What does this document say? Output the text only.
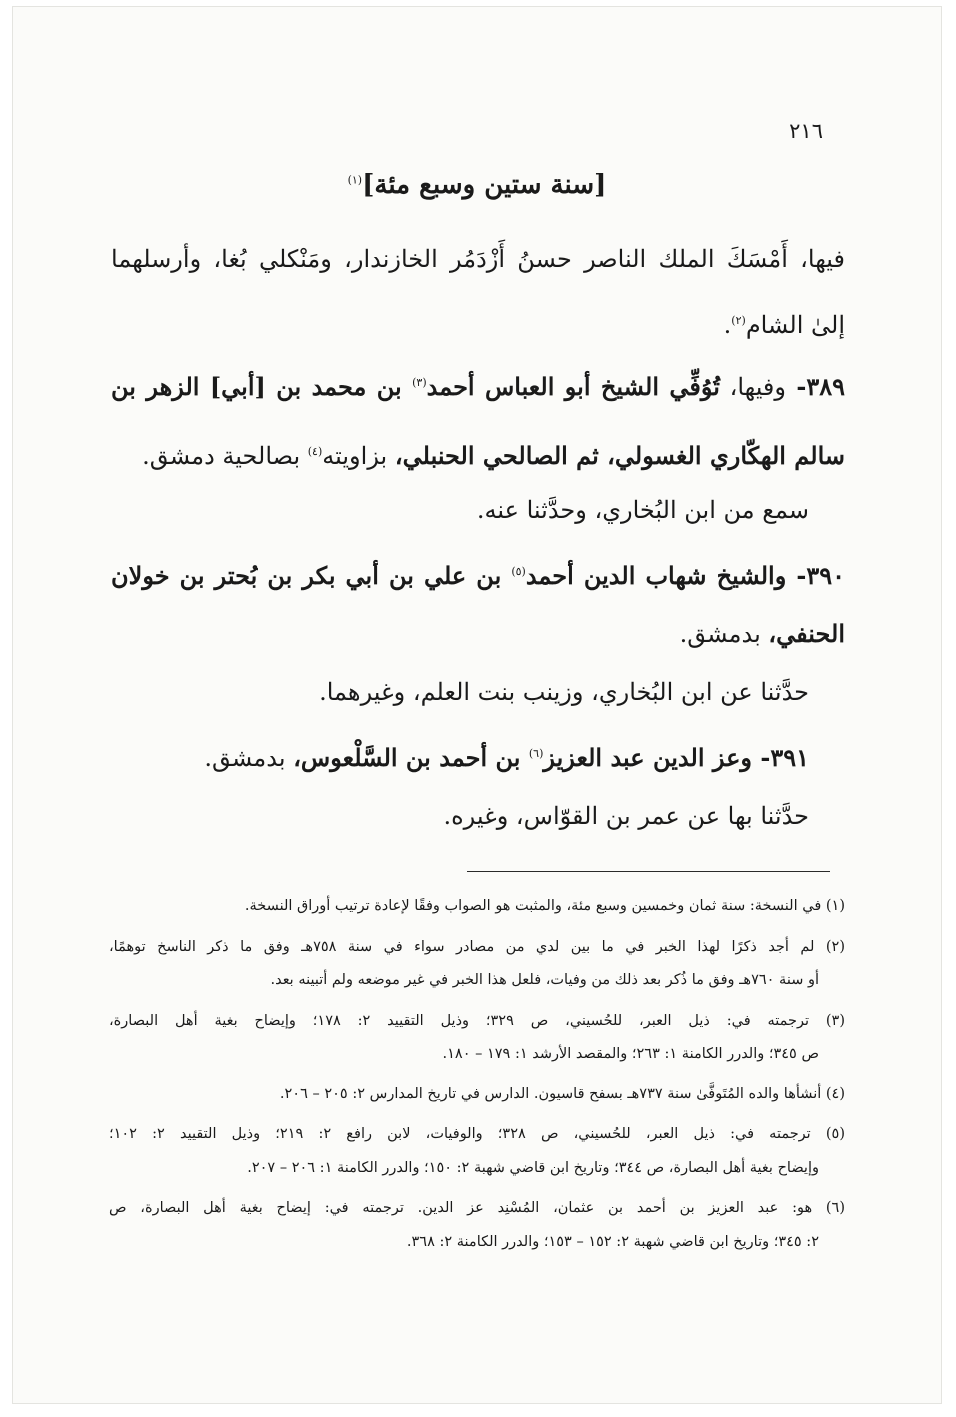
٢١٦

[سنة ستين وسبع مئة]$^{(١)}$

فيها، أَمْسَكَ الملك الناصر حسنُ أَزْدَمُر الخازندار، ومَنْكلي بُغا، وأرسلهما

إلىٰ الشام$^{(٢)}$.

٣٨٩- وفيها، تُوُفِّي الشيخ أبو العباس أحمد$^{(٣)}$ بن محمد بن [أبي] الزهر بن

سالم الهكّاري الغسولي، ثم الصالحي الحنبلي، بزاويته$^{(٤)}$ بصالحية دمشق.

سمع من ابن البُخاري، وحدَّثنا عنه.

٣٩٠- والشيخ شهاب الدين أحمد$^{(٥)}$ بن علي بن أبي بكر بن بُحتر بن خولان

الحنفي، بدمشق.

حدَّثنا عن ابن البُخاري، وزينب بنت العلم، وغيرهما.

٣٩١- وعز الدين عبد العزيز$^{(٦)}$ بن أحمد بن السَّلْعوس، بدمشق.

حدَّثنا بها عن عمر بن القوّاس، وغيره.

(١) في النسخة: سنة ثمان وخمسين وسبع مئة، والمثبت هو الصواب وفقًا لإعادة ترتيب أوراق النسخة.

(٢) لم أجد ذكرًا لهذا الخبر في ما بين لدي من مصادر سواء في سنة ٧٥٨هـ وفق ما ذكر الناسخ توهمًا،

أو سنة ٧٦٠هـ وفق ما ذُكر بعد ذلك من وفيات، فلعل هذا الخبر في غير موضعه ولم أتبينه بعد.

(٣) ترجمته في: ذيل العبر، للحُسيني، ص ٣٢٩؛ وذيل التقييد ٢: ١٧٨؛ وإيضاح بغية أهل البصارة،

ص ٣٤٥؛ والدرر الكامنة ١: ٢٦٣؛ والمقصد الأرشد ١: ١٧٩ – ١٨٠.

(٤) أنشأها والده المُتَوفَّىٰ سنة ٧٣٧هـ بسفح قاسيون. الدارس في تاريخ المدارس ٢: ٢٠٥ – ٢٠٦.

(٥) ترجمته في: ذيل العبر، للحُسيني، ص ٣٢٨؛ والوفيات، لابن رافع ٢: ٢١٩؛ وذيل التقييد ٢: ١٠٢؛

وإيضاح بغية أهل البصارة، ص ٣٤٤؛ وتاريخ ابن قاضي شهبة ٢: ١٥٠؛ والدرر الكامنة ١: ٢٠٦ – ٢٠٧.

(٦) هو: عبد العزيز بن أحمد بن عثمان، المُسْنِد عز الدين. ترجمته في: إيضاح بغية أهل البصارة، ص

٢: ٣٤٥؛ وتاريخ ابن قاضي شهبة ٢: ١٥٢ – ١٥٣؛ والدرر الكامنة ٢: ٣٦٨.
